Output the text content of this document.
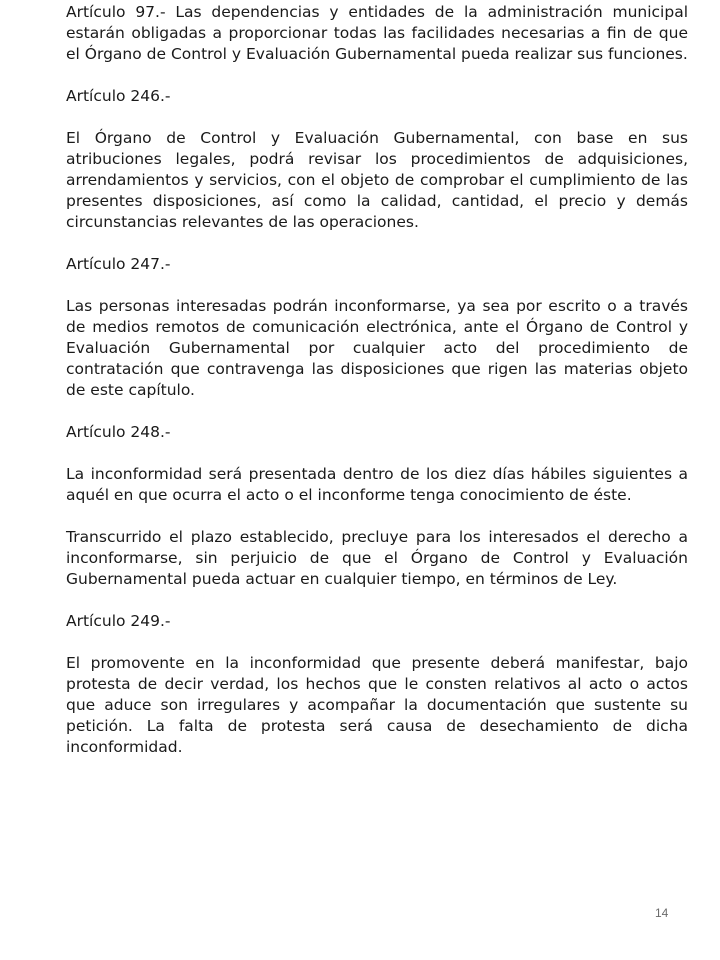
Artículo 97.- Las dependencias y entidades de la administración municipal estarán obligadas a proporcionar todas las facilidades necesarias a fin de que el Órgano de Control y Evaluación Gubernamental pueda realizar sus funciones.

Artículo 246.-

El Órgano de Control y Evaluación Gubernamental, con base en sus atribuciones legales, podrá revisar los procedimientos de adquisiciones, arrendamientos y servicios, con el objeto de comprobar el cumplimiento de las presentes disposiciones, así como la calidad, cantidad, el precio y demás circunstancias relevantes de las operaciones.

Artículo 247.-

Las personas interesadas podrán inconformarse, ya sea por escrito o a través de medios remotos de comunicación electrónica, ante el Órgano de Control y Evaluación Gubernamental por cualquier acto del procedimiento de contratación que contravenga las disposiciones que rigen las materias objeto de este capítulo.

Artículo 248.-

La inconformidad será presentada dentro de los diez días hábiles siguientes a aquél en que ocurra el acto o el inconforme tenga conocimiento de éste.

Transcurrido el plazo establecido, precluye para los interesados el derecho a inconformarse, sin perjuicio de que el Órgano de Control y Evaluación Gubernamental pueda actuar en cualquier tiempo, en términos de Ley.

Artículo 249.-

El promovente en la inconformidad que presente deberá manifestar, bajo protesta de decir verdad, los hechos que le consten relativos al acto o actos que aduce son irregulares y acompañar la documentación que sustente su petición. La falta de protesta será causa de desechamiento de dicha inconformidad.

14
